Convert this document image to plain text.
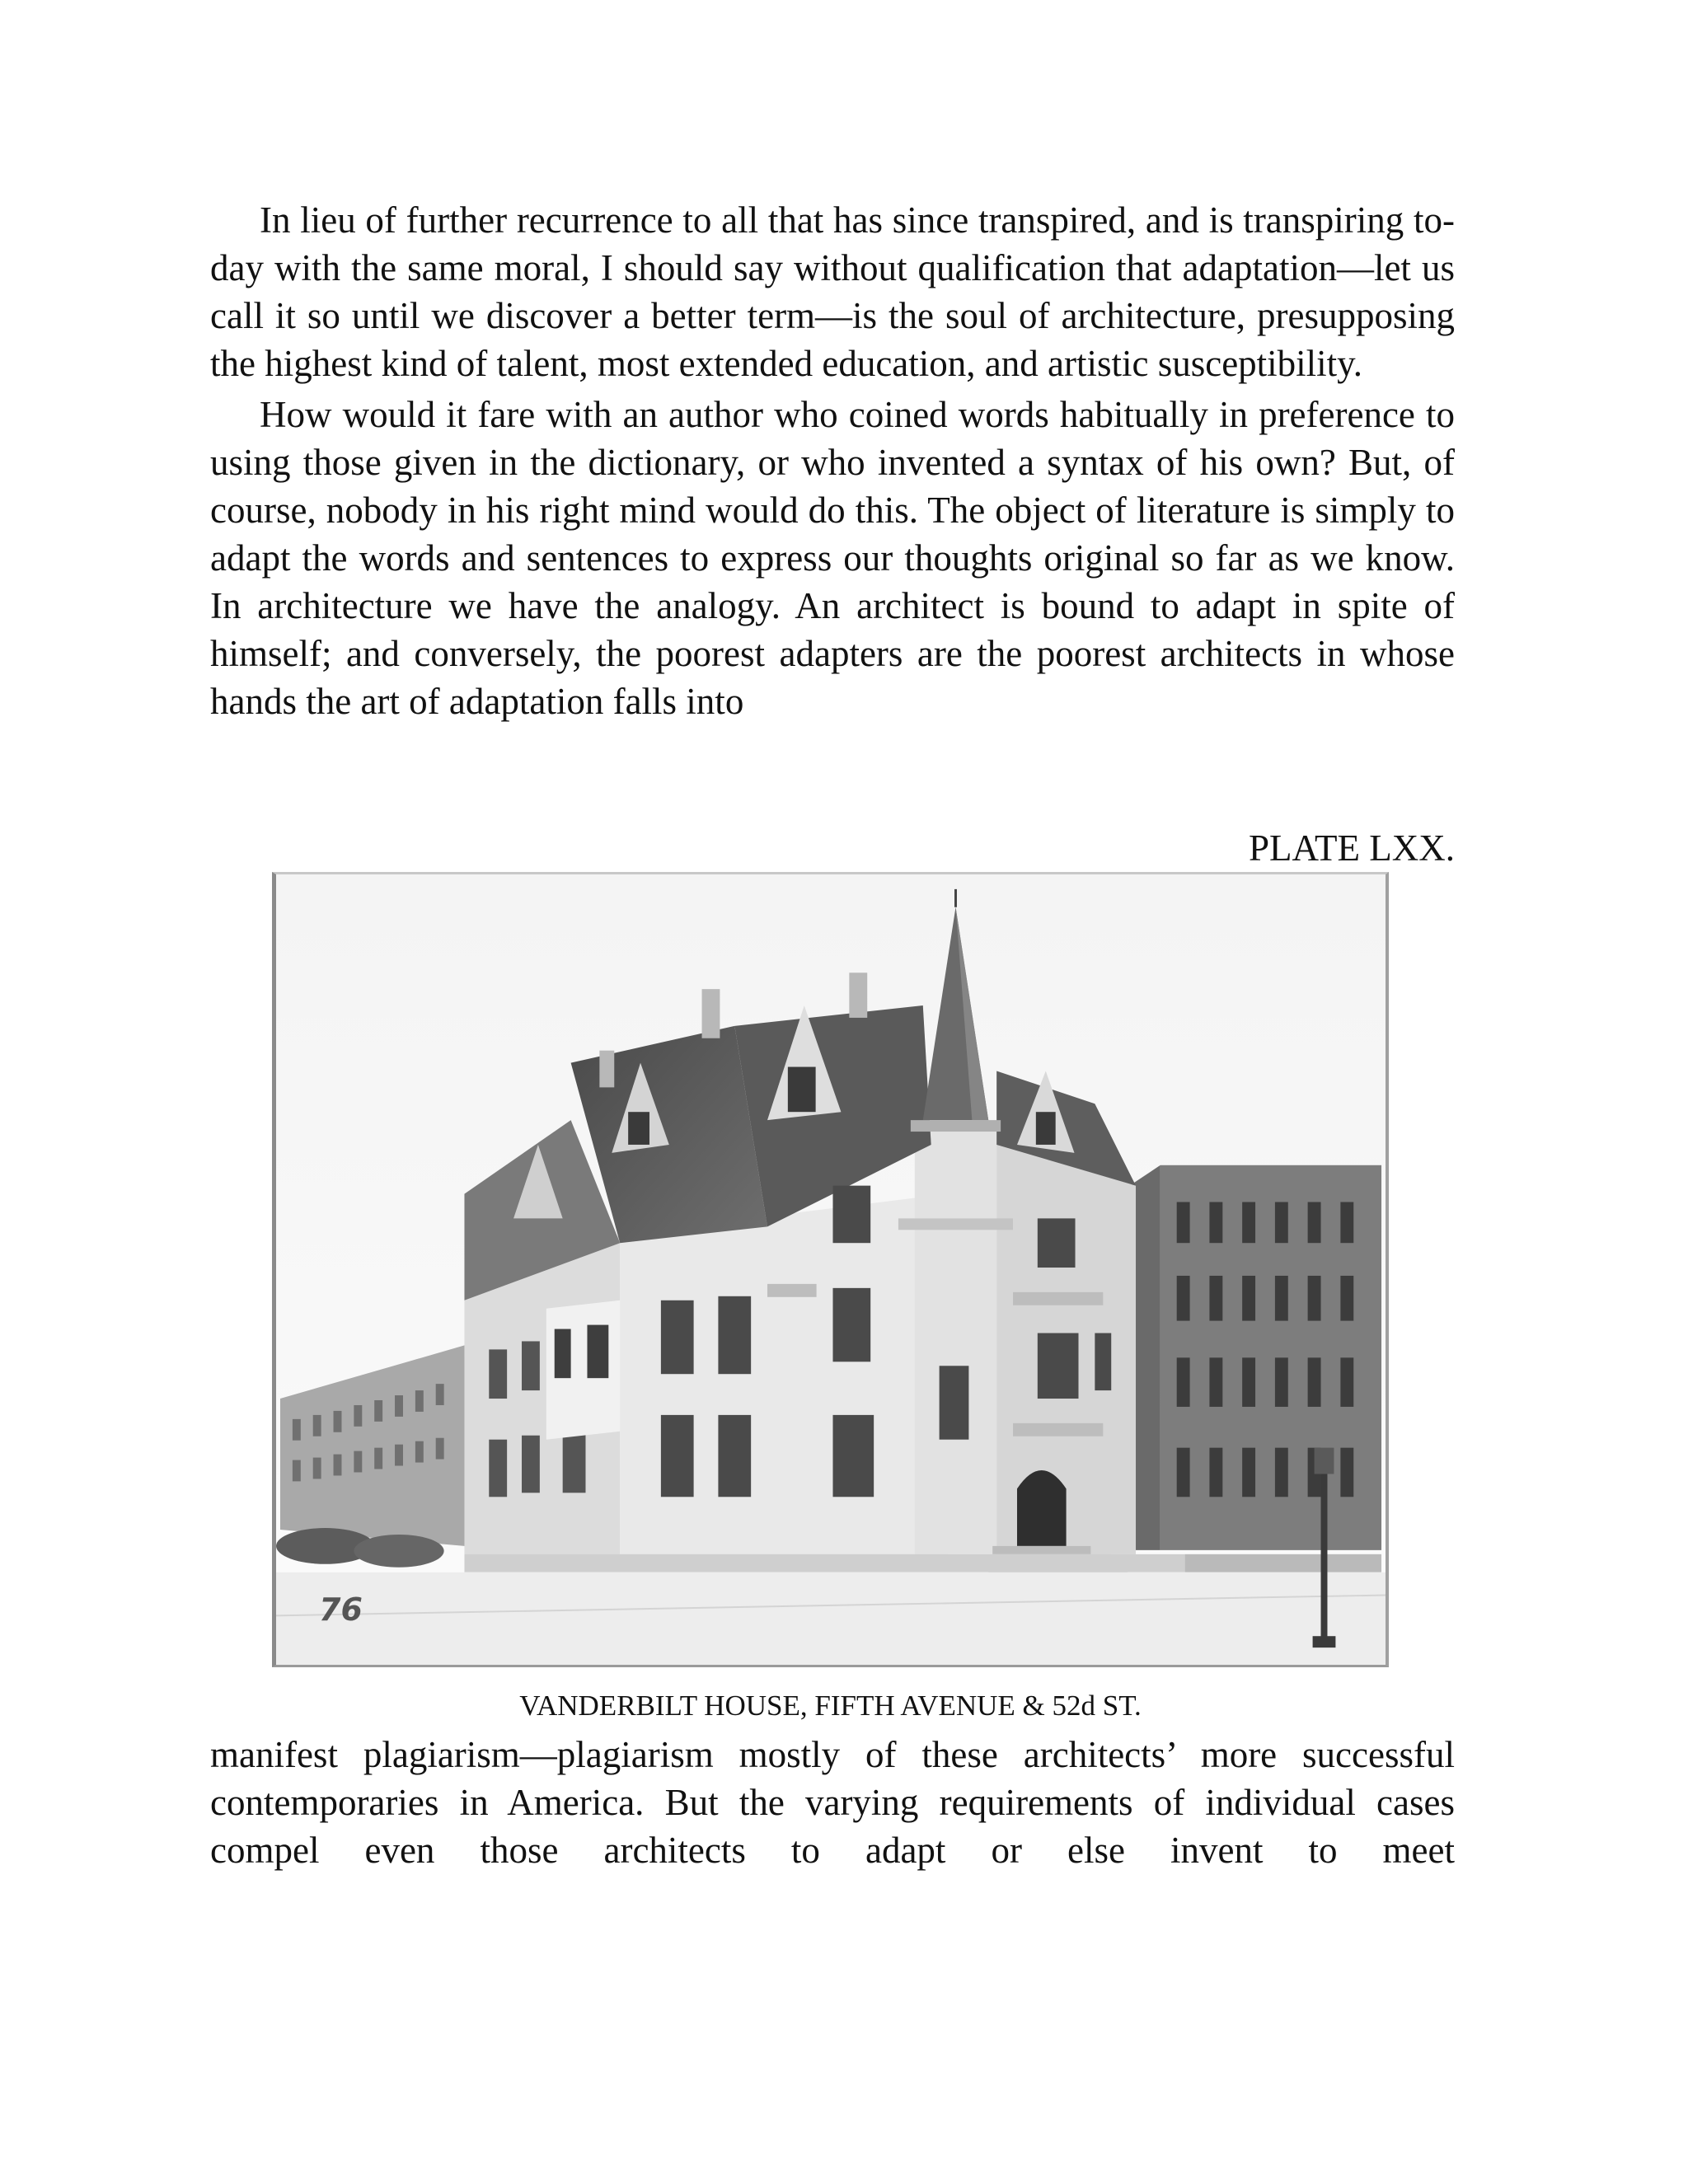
In lieu of further recurrence to all that has since transpired, and is transpiring to-day with the same moral, I should say without qualification that adaptation—let us call it so until we discover a better term—is the soul of architecture, presupposing the highest kind of talent, most extended education, and artistic susceptibility.

How would it fare with an author who coined words habitually in preference to using those given in the dictionary, or who invented a syntax of his own? But, of course, nobody in his right mind would do this. The object of literature is simply to adapt the words and sentences to express our thoughts original so far as we know. In architecture we have the analogy. An architect is bound to adapt in spite of himself; and conversely, the poorest adapters are the poorest architects in whose hands the art of adaptation falls into

PLATE LXX.

76

VANDERBILT HOUSE, FIFTH AVENUE & 52d ST.

manifest plagiarism—plagiarism mostly of these architects’ more successful contemporaries in America. But the varying requirements of individual cases compel even those architects to adapt or else invent to meet
